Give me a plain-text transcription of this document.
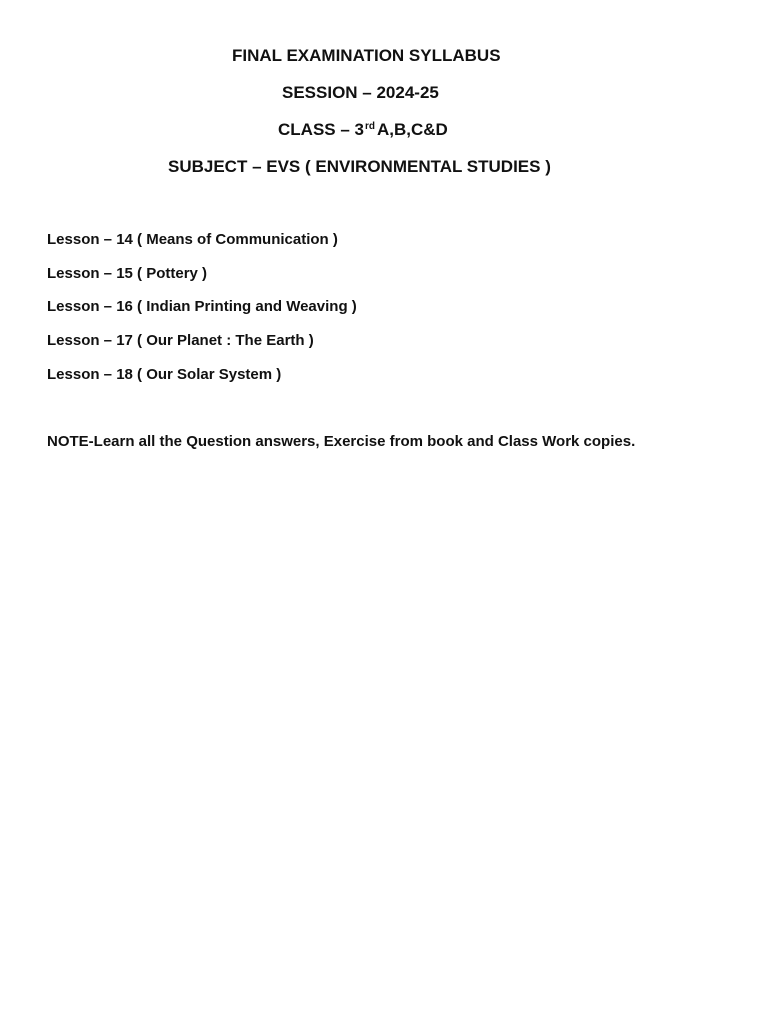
FINAL EXAMINATION SYLLABUS
SESSION – 2024-25
CLASS – 3rd A,B,C&D
SUBJECT – EVS ( ENVIRONMENTAL STUDIES )
Lesson – 14 ( Means of Communication )
Lesson – 15 ( Pottery )
Lesson – 16 ( Indian Printing and Weaving )
Lesson – 17 ( Our Planet : The Earth )
Lesson – 18 ( Our Solar System )
NOTE-Learn all the Question answers, Exercise from book and Class Work copies.
